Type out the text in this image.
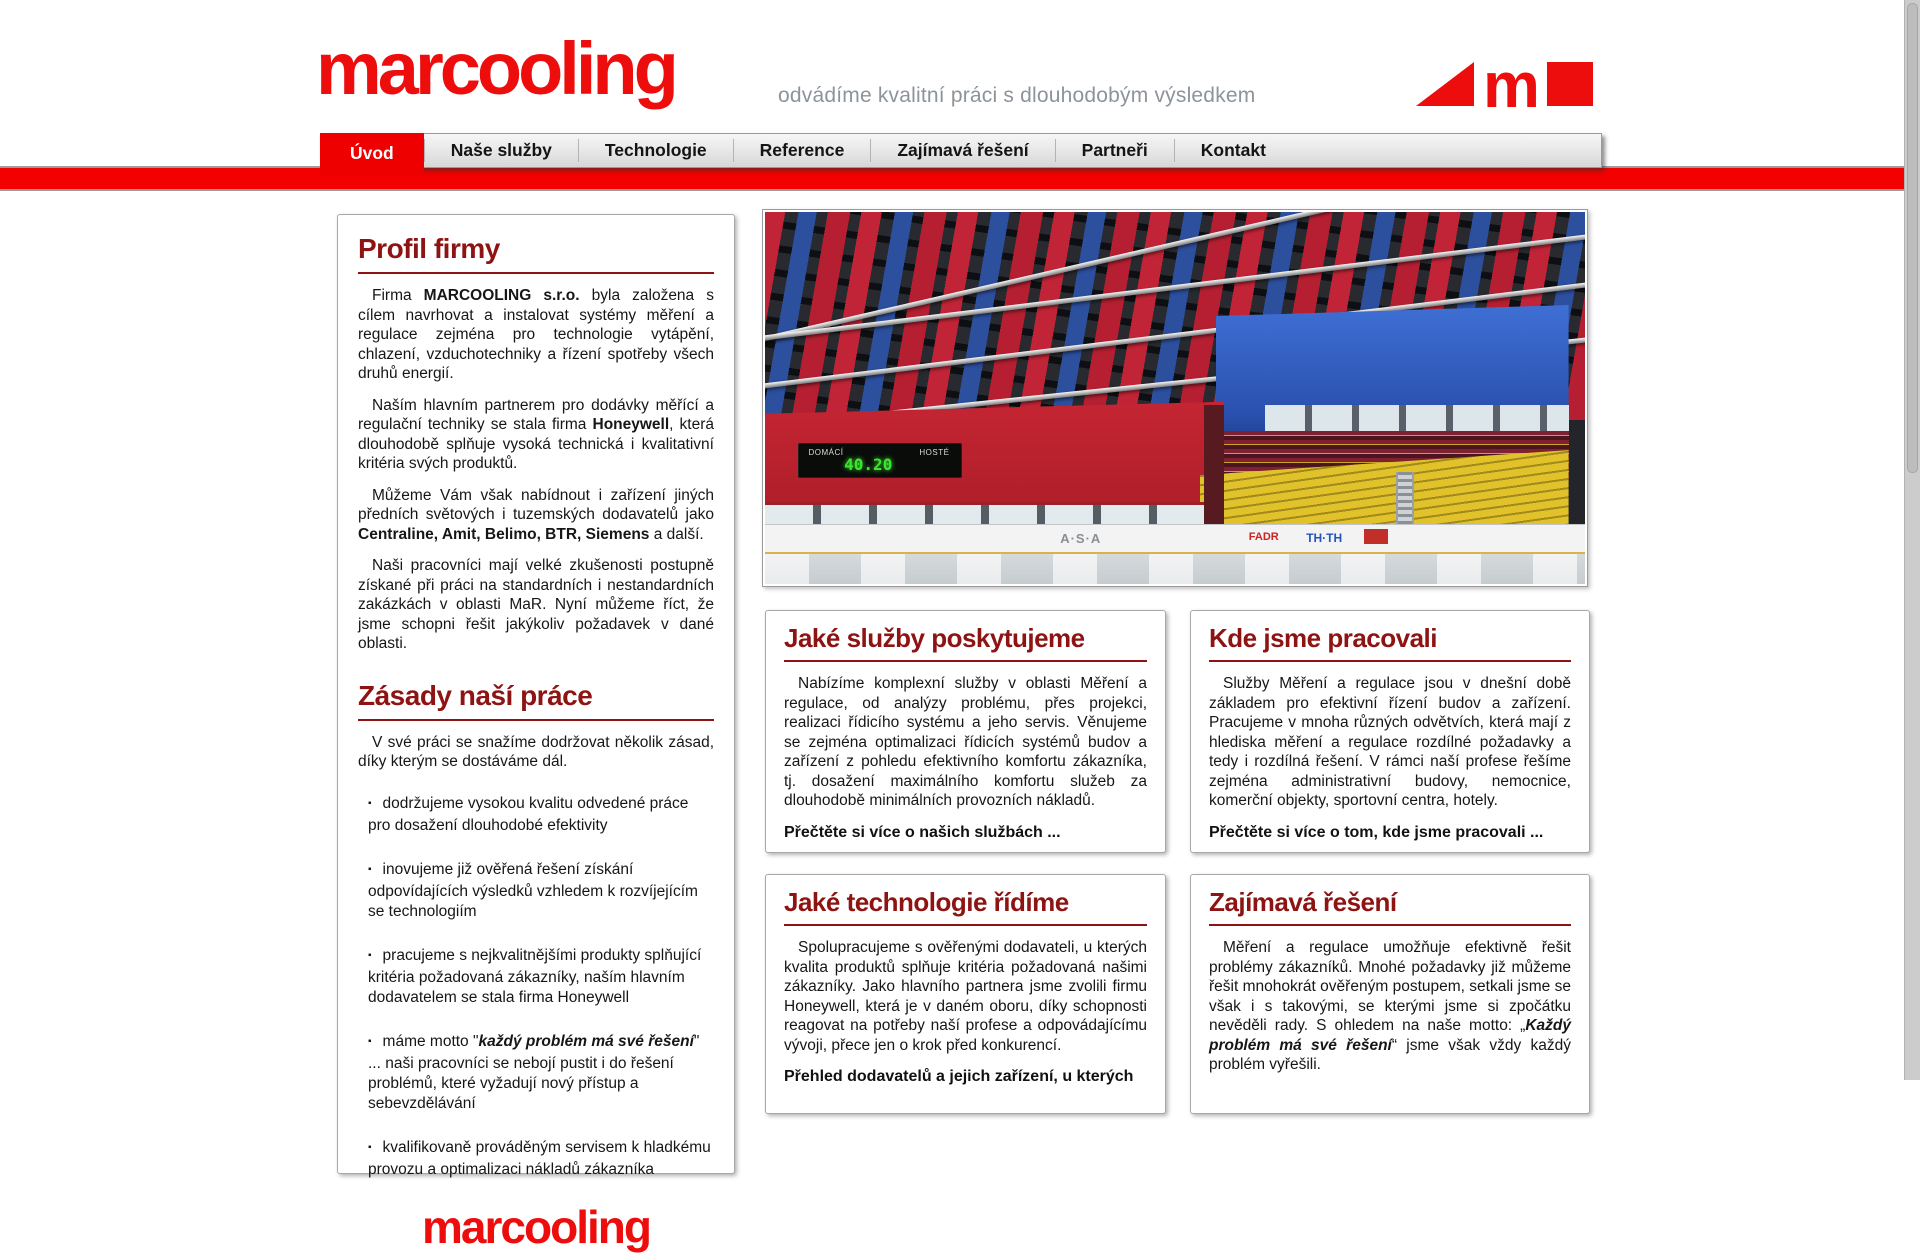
marcooling	odvádíme kvalitní práci s dlouhodobým výsledkem	m
Úvod	Naše služby	Technologie	Reference	Zajímavá řešení	Partneři	Kontakt
Profil firmy

Firma MARCOOLING s.r.o. byla založena s cílem navrhovat a instalovat systémy měření a regulace zejména pro technologie vytápění, chlazení, vzduchotechniky a řízení spotřeby všech druhů energií.

Naším hlavním partnerem pro dodávky měřící a regulační techniky se stala firma Honeywell, která dlouhodobě splňuje vysoká technická i kvalitativní kritéria svých produktů.

Můžeme Vám však nabídnout i zařízení jiných předních světových i tuzemských dodavatelů jako Centraline, Amit, Belimo, BTR, Siemens a další.

Naši pracovníci mají velké zkušenosti postupně získané při práci na standardních i nestandardních zakázkách v oblasti MaR. Nyní můžeme říct, že jsme schopni řešit jakýkoliv požadavek v dané oblasti.

Zásady naší práce

V své práci se snažíme dodržovat několik zásad, díky kterým se dostáváme dál.

▪ dodržujeme vysokou kvalitu odvedené práce pro dosažení dlouhodobé efektivity
▪ inovujeme již ověřená řešení získání odpovídajících výsledků vzhledem k rozvíjejícím se technologiím
▪ pracujeme s nejkvalitnějšími produkty splňující kritéria požadovaná zákazníky, naším hlavním dodavatelem se stala firma Honeywell
▪ máme motto "každý problém má své řešení" ... naši pracovníci se nebojí pustit i do řešení problémů, které vyžadují nový přístup a sebevzdělávání
▪ kvalifikovaně prováděným servisem k hladkému provozu a optimalizaci nákladů zákazníka
marcooling
DOMÁCÍ	HOSTÉ
40.20
A·S·A	FADR TH·TH
Jaké služby poskytujeme

Nabízíme komplexní služby v oblasti Měření a regulace, od analýzy problému, přes projekci, realizaci řídicího systému a jeho servis. Věnujeme se zejména optimalizaci řídicích systémů budov a zařízení z pohledu efektivního komfortu zákazníka, tj. dosažení maximálního komfortu služeb za dlouhodobě minimálních provozních nákladů.

Přečtěte si více o našich službách ...
Kde jsme pracovali

Služby Měření a regulace jsou v dnešní době základem pro efektivní řízení budov a zařízení. Pracujeme v mnoha různých odvětvích, která mají z hlediska měření a regulace rozdílné požadavky a tedy i rozdílná řešení. V rámci naší profese řešíme zejména administrativní budovy, nemocnice, komerční objekty, sportovní centra, hotely.

Přečtěte si více o tom, kde jsme pracovali ...
Jaké technologie řídíme

Spolupracujeme s ověřenými dodavateli, u kterých kvalita produktů splňuje kritéria požadovaná našimi zákazníky. Jako hlavního partnera jsme zvolili firmu Honeywell, která je v daném oboru, díky schopnosti reagovat na potřeby naší profese a odpovádajícímu vývoji, přece jen o krok před konkurencí.

Přehled dodavatelů a jejich zařízení, u kterých
Zajímavá řešení

Měření a regulace umožňuje efektivně řešit problémy zákazníků. Mnohé požadavky již můžeme řešit mnohokrát ověřeným postupem, setkali jsme se však i s takovými, se kterými jsme si zpočátku nevěděli rady. S ohledem na naše motto: „Každý problém má své řešení“ jsme však vždy každý problém vyřešili.
